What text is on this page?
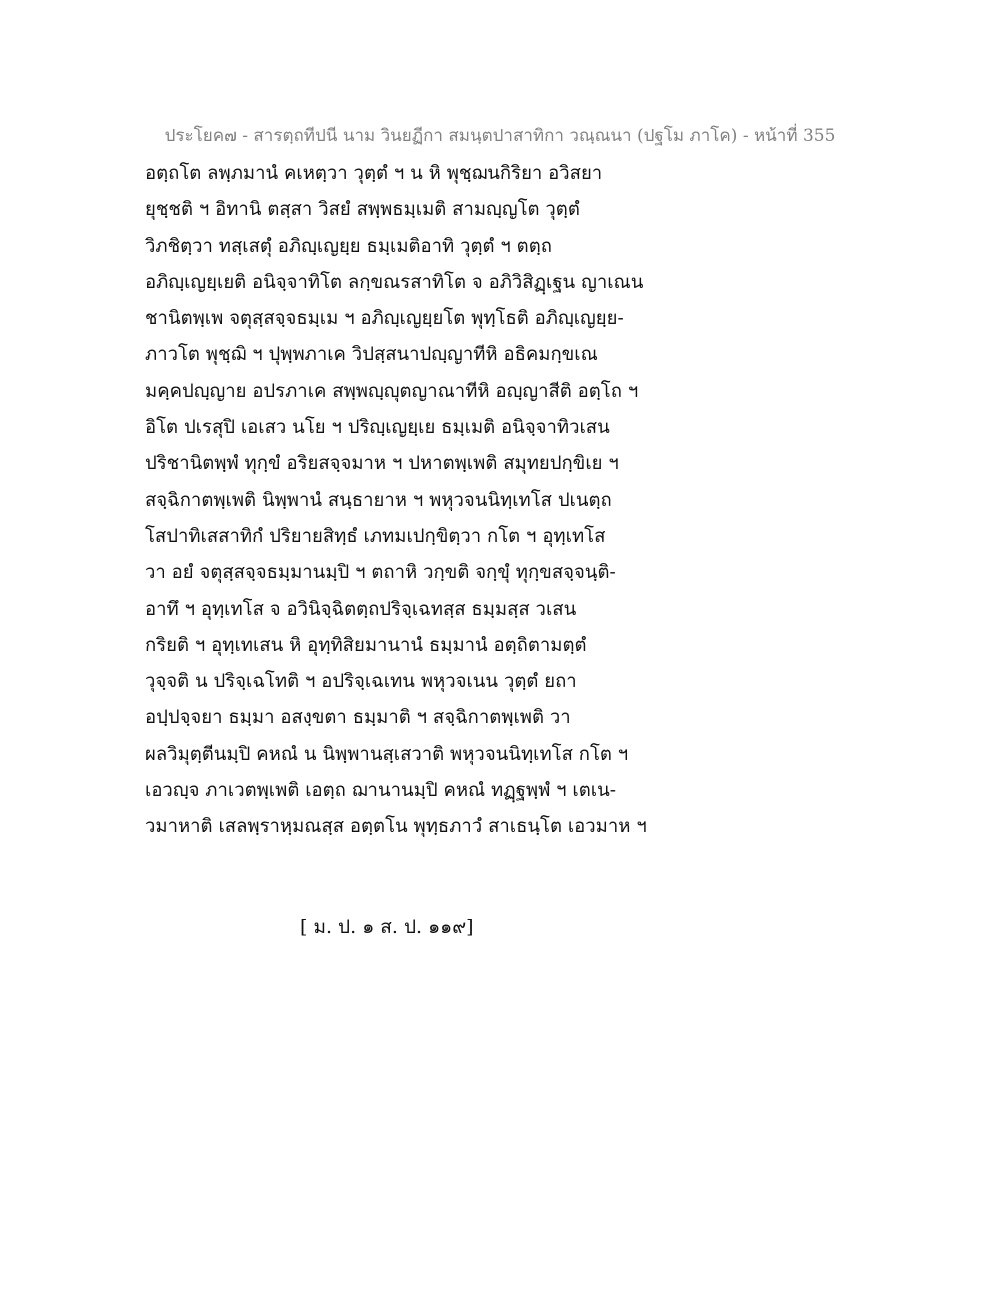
ประโยค๗ - สารตฺถทีปนี นาม วินยฏีกา สมนฺตปาสาทิกา วณฺณนา (ปฐโม ภาโค) - หน้าที่ 355
อตฺถโต ลพฺภมานํ คเหตฺวา วุตฺตํ ฯ น หิ พุชฺฌนกิริยา อวิสยา
ยุชฺชติ ฯ อิทานิ ตสฺสา วิสยํ สพฺพธมฺเมติ สามญฺญโต วุตฺตํ
วิภชิตฺวา ทสฺเสตุํ อภิญฺเญยฺย ธมฺเมติอาทิ วุตฺตํ ฯ ตตฺถ
อภิญฺเญยฺเยติ อนิจฺจาทิโต ลกฺขณรสาทิโต จ อภิวิสิฏฺเฐน ญาเณน
ชานิตพฺเพ จตุสฺสจฺจธมฺเม ฯ อภิญฺเญยฺยโต พุทฺโธติ อภิญฺเญยฺย-
ภาวโต พุชฺฌิ ฯ ปุพฺพภาเค วิปสฺสนาปญฺญาทีหิ อธิคมกฺขเณ
มคฺคปญฺญาย อปรภาเค สพฺพญฺญุตญาณาทีหิ อญฺญาสีติ อตฺโถ ฯ
อิโต ปเรสุปิ เอเสว นโย ฯ ปริญฺเญยฺเย ธมฺเมติ อนิจฺจาทิวเสน
ปริชานิตพฺพํ ทุกฺขํ อริยสจฺจมาห ฯ ปหาตพฺเพติ สมุทยปกฺขิเย ฯ
สจฺฉิกาตพฺเพติ นิพฺพานํ สนฺธายาห ฯ พหุวจนนิทฺเทโส ปเนตฺถ
โสปาทิเสสาทิกํ ปริยายสิทฺธํ เภทมเปกฺขิตฺวา กโต ฯ อุทฺเทโส
วา อยํ จตุสฺสจฺจธมฺมานมฺปิ ฯ ตถาหิ วกฺขติ จกฺขุํ ทุกฺขสจฺจนฺติ-
อาทึ ฯ อุทฺเทโส จ อวินิจฺฉิตตฺถปริจฺเฉทสฺส ธมฺมสฺส วเสน
กริยติ ฯ อุทฺเทเสน หิ อุทฺทิสิยมานานํ ธมฺมานํ อตฺถิตามตฺตํ
วุจฺจติ น ปริจฺเฉโทติ ฯ อปริจฺเฉเทน พหุวจเนน วุตฺตํ ยถา
อปฺปจฺจยา ธมฺมา อสงฺขตา ธมฺมาติ ฯ สจฺฉิกาตพฺเพติ วา
ผลวิมุตฺตีนมฺปิ คหณํ น นิพฺพานสฺเสวาติ พหุวจนนิทฺเทโส กโต ฯ
เอวญฺจ ภาเวตพฺเพติ เอตฺถ ฌานานมฺปิ คหณํ ทฏฺฐพฺพํ ฯ เตเน-
วมาหาติ เสลพฺราหฺมณสฺส อตฺตโน พุทฺธภาวํ สาเธนฺโต เอวมาห ฯ
[ ม. ป. ๑ ส. ป. ๑๑๙]
